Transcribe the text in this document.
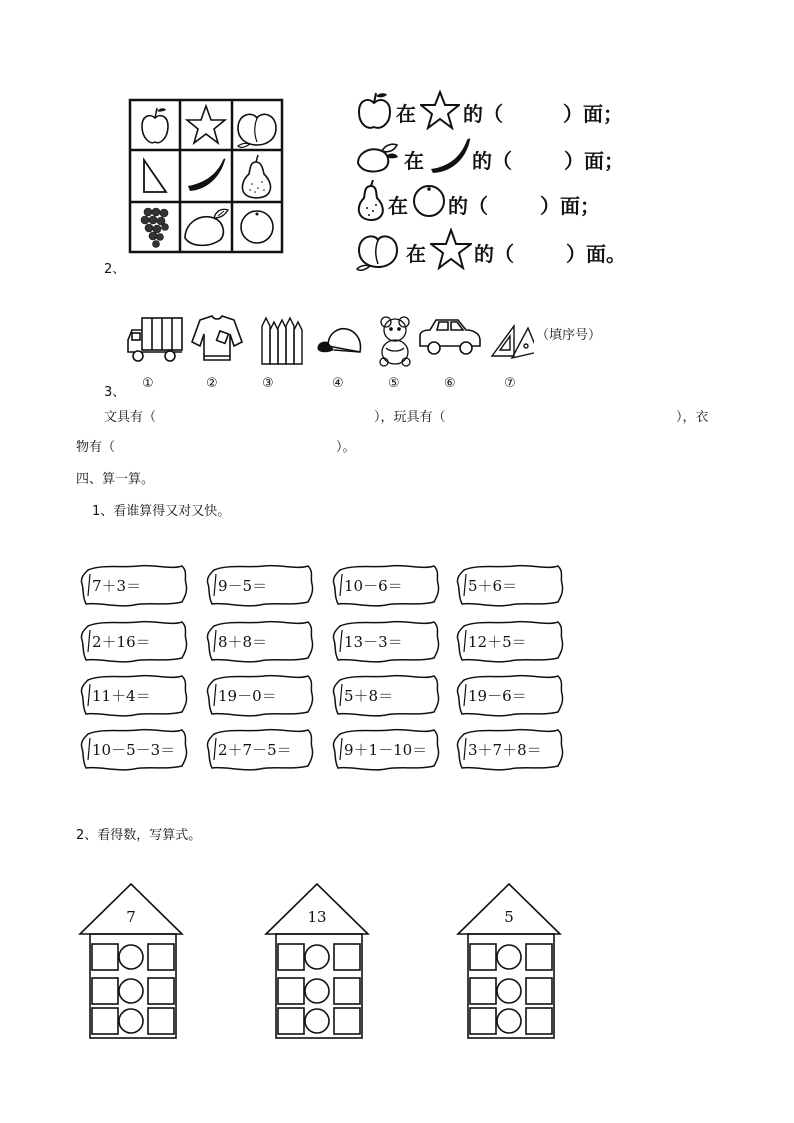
2、
在 的（	）面；
在 的（	）面；
在 的（	）面；
在 的（	）面。
3、
（填序号）
①	②	③	④	⑤	⑥	⑦
文具有（	），玩具有（	），衣
物有（	）。
四、算一算。
1、看谁算得又对又快。
7＋3＝	9－5＝	10－6＝	5＋6＝
2＋16＝	8＋8＝	13－3＝	12＋5＝
11＋4＝	19－0＝	5＋8＝	19－6＝
10－5－3＝	2＋7－5＝	9＋1－10＝	3＋7＋8＝
2、看得数，写算式。
7	13	5
